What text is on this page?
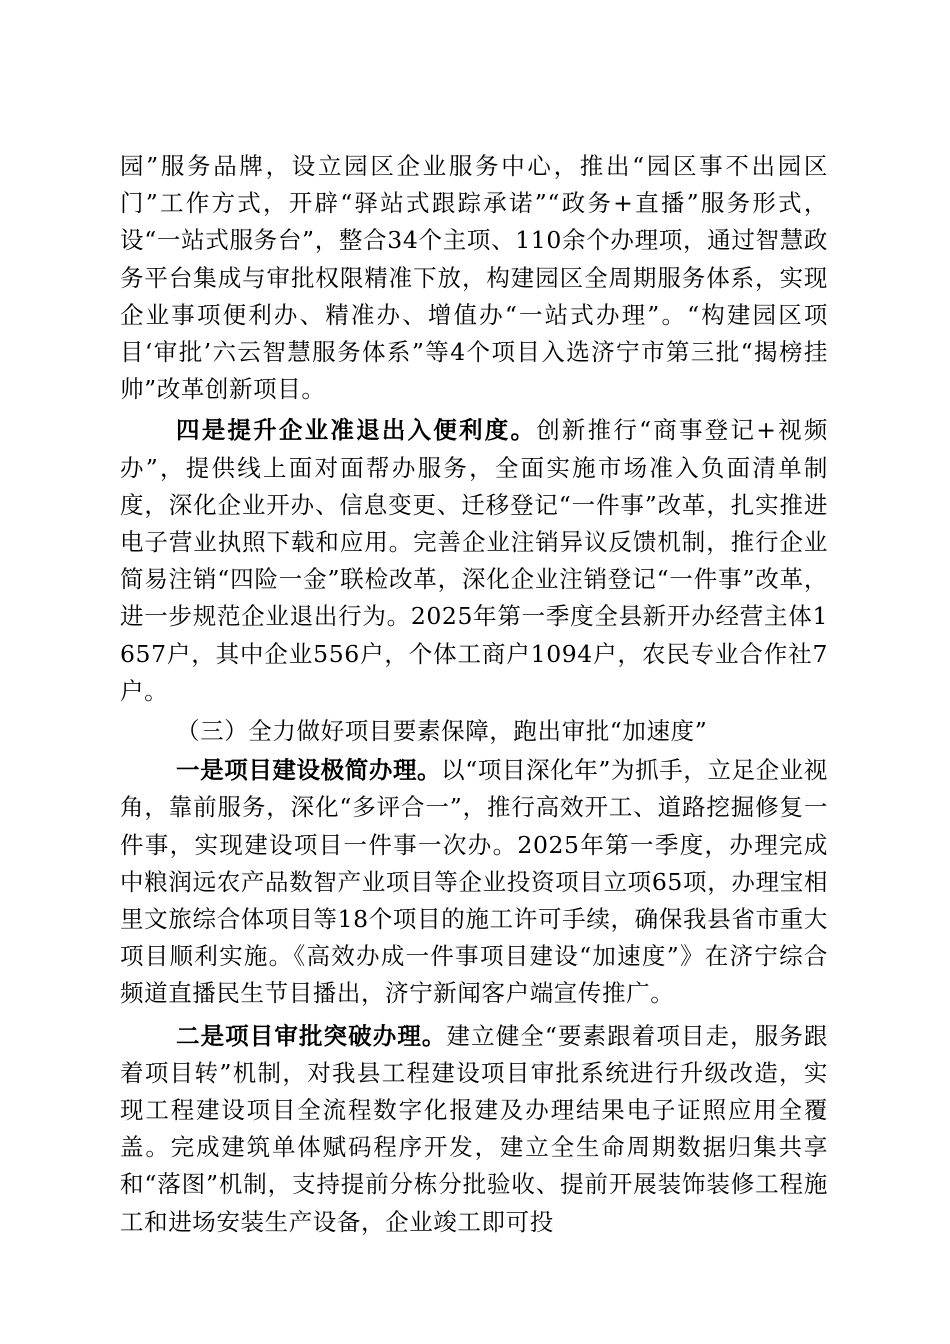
园”服务品牌，设立园区企业服务中心，推出“园区事不出园区门”工作方式，开辟“驿站式跟踪承诺”“政务+直播”服务形式，设“一站式服务台”，整合34个主项、110余个办理项，通过智慧政务平台集成与审批权限精准下放，构建园区全周期服务体系，实现企业事项便利办、精准办、增值办“一站式办理”。“构建园区项目‘审批’六云智慧服务体系”等4个项目入选济宁市第三批“揭榜挂帅”改革创新项目。

四是提升企业准退出入便利度。创新推行“商事登记+视频办”，提供线上面对面帮办服务，全面实施市场准入负面清单制度，深化企业开办、信息变更、迁移登记“一件事”改革，扎实推进电子营业执照下载和应用。完善企业注销异议反馈机制，推行企业简易注销“四险一金”联检改革，深化企业注销登记“一件事”改革，进一步规范企业退出行为。2025年第一季度全县新开办经营主体1657户，其中企业556户，个体工商户1094户，农民专业合作社7户。

（三）全力做好项目要素保障，跑出审批“加速度”

一是项目建设极简办理。以“项目深化年”为抓手，立足企业视角，靠前服务，深化“多评合一”，推行高效开工、道路挖掘修复一件事，实现建设项目一件事一次办。2025年第一季度，办理完成中粮润远农产品数智产业项目等企业投资项目立项65项，办理宝相里文旅综合体项目等18个项目的施工许可手续，确保我县省市重大项目顺利实施。《高效办成一件事项目建设“加速度”》在济宁综合频道直播民生节目播出，济宁新闻客户端宣传推广。

二是项目审批突破办理。建立健全“要素跟着项目走，服务跟着项目转”机制，对我县工程建设项目审批系统进行升级改造，实现工程建设项目全流程数字化报建及办理结果电子证照应用全覆盖。完成建筑单体赋码程序开发，建立全生命周期数据归集共享和“落图”机制，支持提前分栋分批验收、提前开展装饰装修工程施工和进场安装生产设备，企业竣工即可投
